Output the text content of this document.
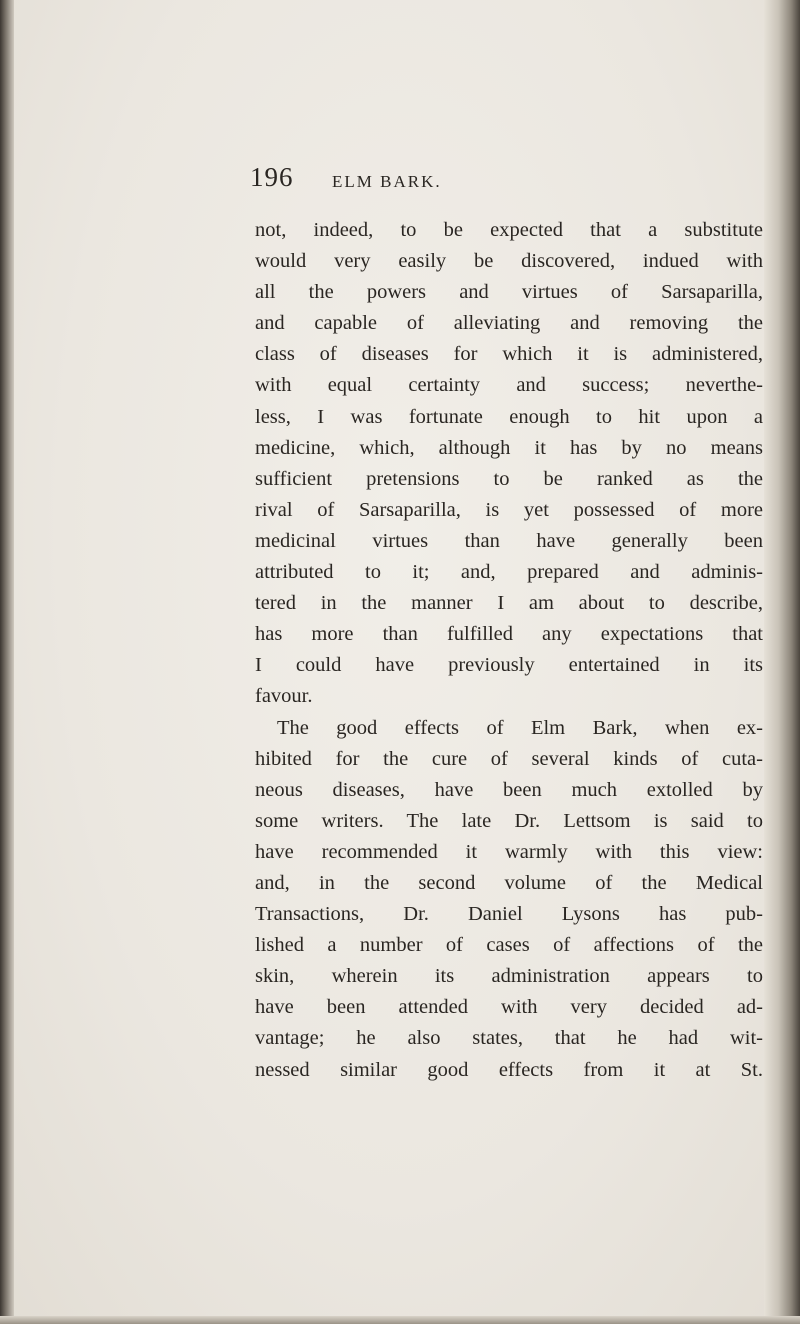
196 ELM BARK.
not, indeed, to be expected that a substitute
would very easily be discovered, indued with
all the powers and virtues of Sarsaparilla,
and capable of alleviating and removing the
class of diseases for which it is administered,
with equal certainty and success; neverthe-
less, I was fortunate enough to hit upon a
medicine, which, although it has by no means
sufficient pretensions to be ranked as the
rival of Sarsaparilla, is yet possessed of more
medicinal virtues than have generally been
attributed to it; and, prepared and adminis-
tered in the manner I am about to describe,
has more than fulfilled any expectations that
I could have previously entertained in its
favour.
The good effects of Elm Bark, when ex-
hibited for the cure of several kinds of cuta-
neous diseases, have been much extolled by
some writers. The late Dr. Lettsom is said to
have recommended it warmly with this view:
and, in the second volume of the Medical
Transactions, Dr. Daniel Lysons has pub-
lished a number of cases of affections of the
skin, wherein its administration appears to
have been attended with very decided ad-
vantage; he also states, that he had wit-
nessed similar good effects from it at St.
